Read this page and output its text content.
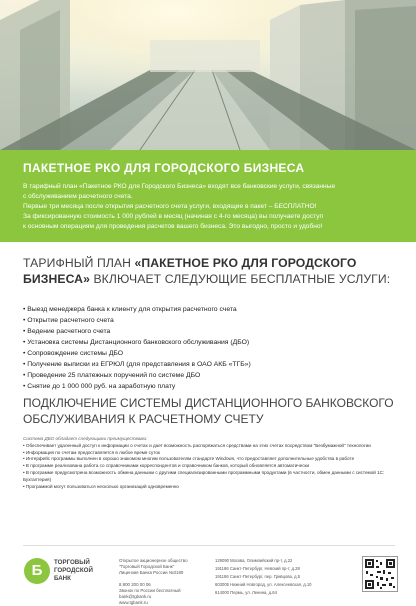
ПАКЕТНОЕ РКО ДЛЯ ГОРОДСКОГО БИЗНЕСА
В тарифный план «Пакетное РКО для Городского Бизнеса» входят все банковские услуги, связанные
с обслуживанием расчетного счета.
Первые три месяца после открытия расчетного счета услуги, входящие в пакет – БЕСПЛАТНО!
За фиксированную стоимость 1 000 рублей в месяц (начиная с 4-го месяца) вы получаете доступ
к основным операциям для проведения расчетов вашего бизнеса. Это выгодно, просто и удобно!
ТАРИФНЫЙ ПЛАН «ПАКЕТНОЕ РКО ДЛЯ ГОРОДСКОГО БИЗНЕСА» ВКЛЮЧАЕТ СЛЕДУЮЩИЕ БЕСПЛАТНЫЕ УСЛУГИ:
• Выезд менеджера банка к клиенту для открытия расчетного счета
• Открытие расчетного счета
• Ведение расчетного счета
• Установка системы Дистанционного банковского обслуживания (ДБО)
• Сопровождение системы ДБО
• Получение выписки из ЕГРЮЛ (для представления в ОАО АКБ «ТГБ»)
• Проведение 25 платежных поручений по системе ДБО
• Снятие до 1 000 000 руб. на заработную плату
ПОДКЛЮЧЕНИЕ СИСТЕМЫ ДИСТАНЦИОННОГО БАНКОВСКОГО ОБСЛУЖИВАНИЯ К РАСЧЕТНОМУ СЧЕТУ
Система ДБО обладает следующими преимуществами:
• Обеспечивает удаленный доступ к информации о счетах и дает возможность распоряжаться средствами на этих счетах посредством "Безбумажной" технологии
• Информация по счетам предоставляется в любое время суток
• Интерфейс программы выполнен в хорошо знакомом многим пользователям стандарте Windows, что предоставляет дополнительные удобства в работе
• В программе реализована работа со справочниками корреспондентов и справочником банков, который обновляется автоматически
• В программе предусмотрена возможность обмена данными с другими специализированными программными продуктами (в частности, обмен данными с системой 1С: Бухгалтерия)
• Программой могут пользоваться несколько организаций одновременно
Б	ТОРГОВЫЙ
ГОРОДСКОЙ
БАНК
Открытое акционерное общество
"Торговый Городской Банк"
Лицензия Банка России №3180

8 800 200 00 06
Звонок по России бесплатный
bank@tgbank.ru
www.tgbank.ru
129090 Москва, Олимпийский пр-т, д.22
191186 Санкт-Петербург, Невский пр-т, д.28
191186 Санкт-Петербург, пер. Гривцова, д.5
603005 Нижний Новгород, ул. Алексеевская, д.10
614000 Пермь, ул. Ленина, д.64
